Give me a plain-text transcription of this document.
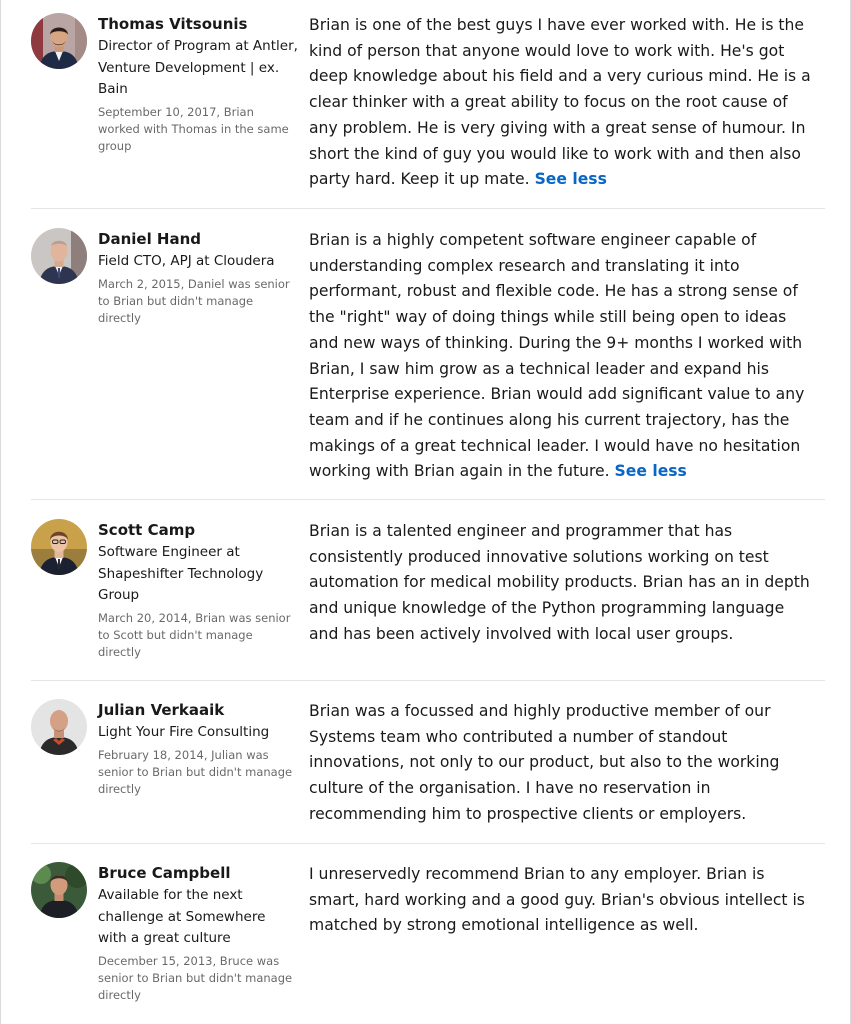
Thomas Vitsounis
Director of Program at Antler, Venture Development | ex. Bain
September 10, 2017, Brian worked with Thomas in the same group
Brian is one of the best guys I have ever worked with. He is the kind of person that anyone would love to work with. He's got deep knowledge about his field and a very curious mind. He is a clear thinker with a great ability to focus on the root cause of any problem. He is very giving with a great sense of humour. In short the kind of guy you would like to work with and then also party hard. Keep it up mate. See less
Daniel Hand
Field CTO, APJ at Cloudera
March 2, 2015, Daniel was senior to Brian but didn't manage directly
Brian is a highly competent software engineer capable of understanding complex research and translating it into performant, robust and flexible code. He has a strong sense of the "right" way of doing things while still being open to ideas and new ways of thinking. During the 9+ months I worked with Brian, I saw him grow as a technical leader and expand his Enterprise experience. Brian would add significant value to any team and if he continues along his current trajectory, has the makings of a great technical leader. I would have no hesitation working with Brian again in the future. See less
Scott Camp
Software Engineer at Shapeshifter Technology Group
March 20, 2014, Brian was senior to Scott but didn't manage directly
Brian is a talented engineer and programmer that has consistently produced innovative solutions working on test automation for medical mobility products. Brian has an in depth and unique knowledge of the Python programming language and has been actively involved with local user groups.
Julian Verkaaik
Light Your Fire Consulting
February 18, 2014, Julian was senior to Brian but didn't manage directly
Brian was a focussed and highly productive member of our Systems team who contributed a number of standout innovations, not only to our product, but also to the working culture of the organisation. I have no reservation in recommending him to prospective clients or employers.
Bruce Campbell
Available for the next challenge at Somewhere with a great culture
December 15, 2013, Bruce was senior to Brian but didn't manage directly
I unreservedly recommend Brian to any employer. Brian is smart, hard working and a good guy. Brian's obvious intellect is matched by strong emotional intelligence as well.
